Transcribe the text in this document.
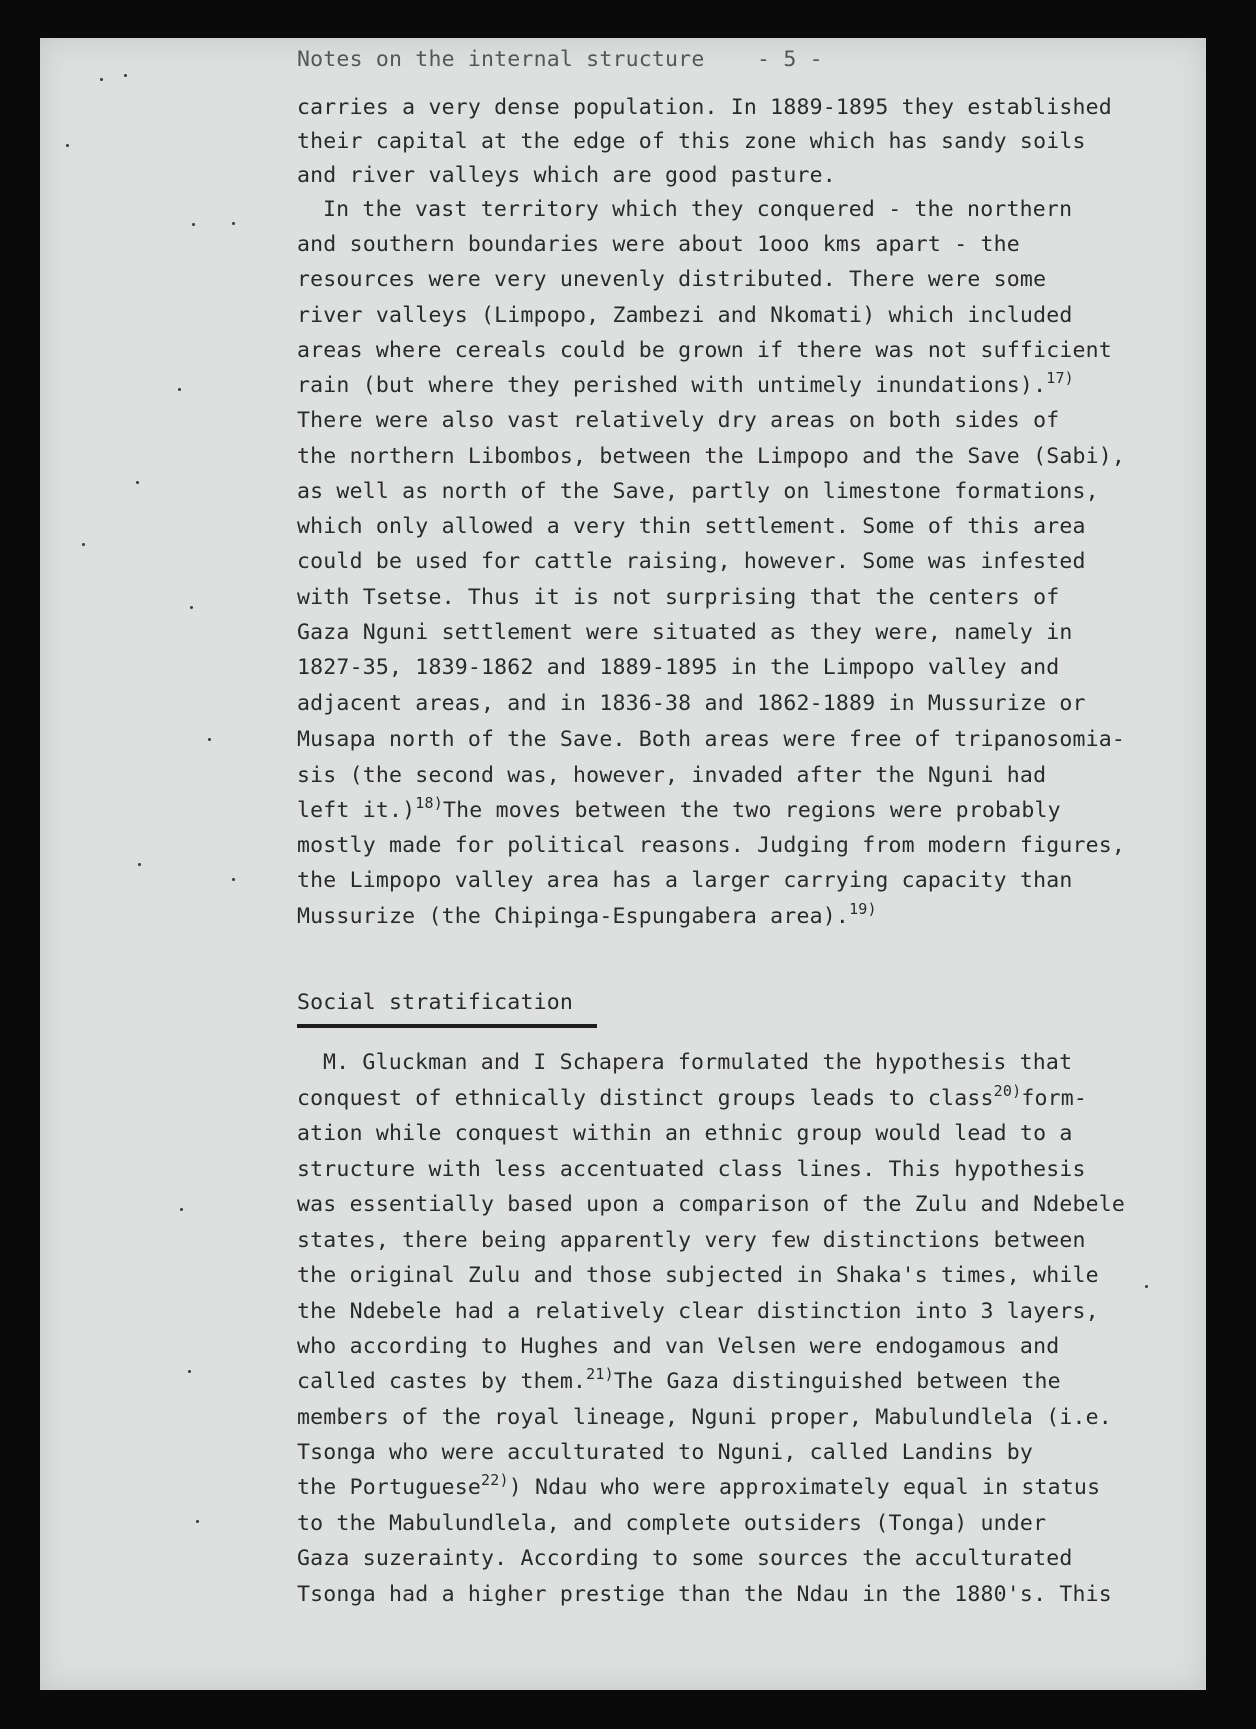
Notes on the internal structure - 5 -

carries a very dense population. In 1889-1895 they established

their capital at the edge of this zone which has sandy soils

and river valleys which are good pasture.

In the vast territory which they conquered - the northern

and southern boundaries were about 1ooo kms apart - the

resources were very unevenly distributed. There were some

river valleys (Limpopo, Zambezi and Nkomati) which included

areas where cereals could be grown if there was not sufficient

rain (but where they perished with untimely inundations).$^{17)}$

There were also vast relatively dry areas on both sides of

the northern Libombos, between the Limpopo and the Save (Sabi),

as well as north of the Save, partly on limestone formations,

which only allowed a very thin settlement. Some of this area

could be used for cattle raising, however. Some was infested

with Tsetse. Thus it is not surprising that the centers of

Gaza Nguni settlement were situated as they were, namely in

1827-35, 1839-1862 and 1889-1895 in the Limpopo valley and

adjacent areas, and in 1836-38 and 1862-1889 in Mussurize or

Musapa north of the Save. Both areas were free of tripanosomia-

sis (the second was, however, invaded after the Nguni had

left it.)$^{18)}$The moves between the two regions were probably

mostly made for political reasons. Judging from modern figures,

the Limpopo valley area has a larger carrying capacity than

Mussurize (the Chipinga-Espungabera area).$^{19)}$

Social stratification

M. Gluckman and I Schapera formulated the hypothesis that

conquest of ethnically distinct groups leads to class$^{20)}$form-

ation while conquest within an ethnic group would lead to a

structure with less accentuated class lines. This hypothesis

was essentially based upon a comparison of the Zulu and Ndebele

states, there being apparently very few distinctions between

the original Zulu and those subjected in Shaka's times, while

the Ndebele had a relatively clear distinction into 3 layers,

who according to Hughes and van Velsen were endogamous and

called castes by them.$^{21)}$The Gaza distinguished between the

members of the royal lineage, Nguni proper, Mabulundlela (i.e.

Tsonga who were acculturated to Nguni, called Landins by

the Portuguese$^{22)}$) Ndau who were approximately equal in status

to the Mabulundlela, and complete outsiders (Tonga) under

Gaza suzerainty. According to some sources the acculturated

Tsonga had a higher prestige than the Ndau in the 1880's. This
